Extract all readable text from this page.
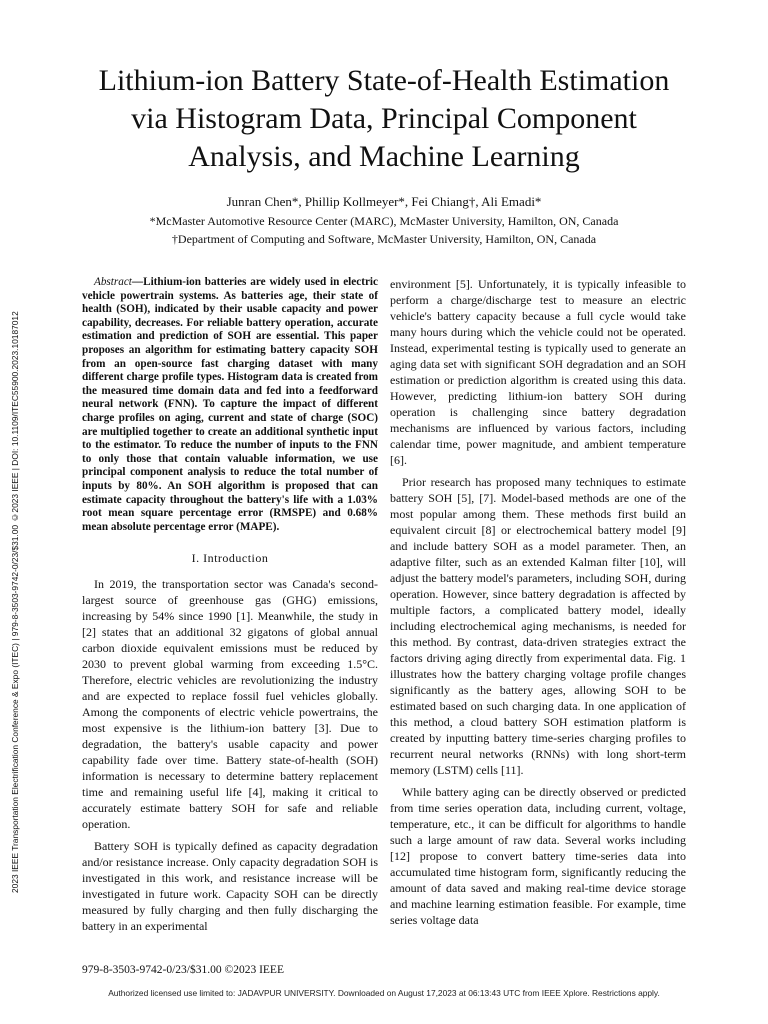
2023 IEEE Transportation Electrification Conference & Expo (ITEC) | 979-8-3503-9742-0/23/$31.00 ©2023 IEEE | DOI: 10.1109/ITEC55900.2023.10187012
Lithium-ion Battery State-of-Health Estimation
via Histogram Data, Principal Component
Analysis, and Machine Learning
Junran Chen*, Phillip Kollmeyer*, Fei Chiang†, Ali Emadi*
*McMaster Automotive Resource Center (MARC), McMaster University, Hamilton, ON, Canada
†Department of Computing and Software, McMaster University, Hamilton, ON, Canada

Abstract—Lithium-ion batteries are widely used in electric vehicle powertrain systems. As batteries age, their state of health (SOH), indicated by their usable capacity and power capability, decreases. For reliable battery operation, accurate estimation and prediction of SOH are essential. This paper proposes an algorithm for estimating battery capacity SOH from an open-source fast charging dataset with many different charge profile types. Histogram data is created from the measured time domain data and fed into a feedforward neural network (FNN). To capture the impact of different charge profiles on aging, current and state of charge (SOC) are multiplied together to create an additional synthetic input to the estimator. To reduce the number of inputs to the FNN to only those that contain valuable information, we use principal component analysis to reduce the total number of inputs by 80%. An SOH algorithm is proposed that can estimate capacity throughout the battery's life with a 1.03% root mean square percentage error (RMSPE) and 0.68% mean absolute percentage error (MAPE).

I. Introduction

In 2019, the transportation sector was Canada's second-largest source of greenhouse gas (GHG) emissions, increasing by 54% since 1990 [1]. Meanwhile, the study in [2] states that an additional 32 gigatons of global annual carbon dioxide equivalent emissions must be reduced by 2030 to prevent global warming from exceeding 1.5°C. Therefore, electric vehicles are revolutionizing the industry and are expected to replace fossil fuel vehicles globally. Among the components of electric vehicle powertrains, the most expensive is the lithium-ion battery [3]. Due to degradation, the battery's usable capacity and power capability fade over time. Battery state-of-health (SOH) information is necessary to determine battery replacement time and remaining useful life [4], making it critical to accurately estimate battery SOH for safe and reliable operation.

Battery SOH is typically defined as capacity degradation and/or resistance increase. Only capacity degradation SOH is investigated in this work, and resistance increase will be investigated in future work. Capacity SOH can be directly measured by fully charging and then fully discharging the battery in an experimental

environment [5]. Unfortunately, it is typically infeasible to perform a charge/discharge test to measure an electric vehicle's battery capacity because a full cycle would take many hours during which the vehicle could not be operated. Instead, experimental testing is typically used to generate an aging data set with significant SOH degradation and an SOH estimation or prediction algorithm is created using this data. However, predicting lithium-ion battery SOH during operation is challenging since battery degradation mechanisms are influenced by various factors, including calendar time, power magnitude, and ambient temperature [6].

Prior research has proposed many techniques to estimate battery SOH [5], [7]. Model-based methods are one of the most popular among them. These methods first build an equivalent circuit [8] or electrochemical battery model [9] and include battery SOH as a model parameter. Then, an adaptive filter, such as an extended Kalman filter [10], will adjust the battery model's parameters, including SOH, during operation. However, since battery degradation is affected by multiple factors, a complicated battery model, ideally including electrochemical aging mechanisms, is needed for this method. By contrast, data-driven strategies extract the factors driving aging directly from experimental data. Fig. 1 illustrates how the battery charging voltage profile changes significantly as the battery ages, allowing SOH to be estimated based on such charging data. In one application of this method, a cloud battery SOH estimation platform is created by inputting battery time-series charging profiles to recurrent neural networks (RNNs) with long short-term memory (LSTM) cells [11].

While battery aging can be directly observed or predicted from time series operation data, including current, voltage, temperature, etc., it can be difficult for algorithms to handle such a large amount of raw data. Several works including [12] propose to convert battery time-series data into accumulated time histogram form, significantly reducing the amount of data saved and making real-time device storage and machine learning estimation feasible. For example, time series voltage data

979-8-3503-9742-0/23/$31.00 ©2023 IEEE
Authorized licensed use limited to: JADAVPUR UNIVERSITY. Downloaded on August 17,2023 at 06:13:43 UTC from IEEE Xplore. Restrictions apply.
